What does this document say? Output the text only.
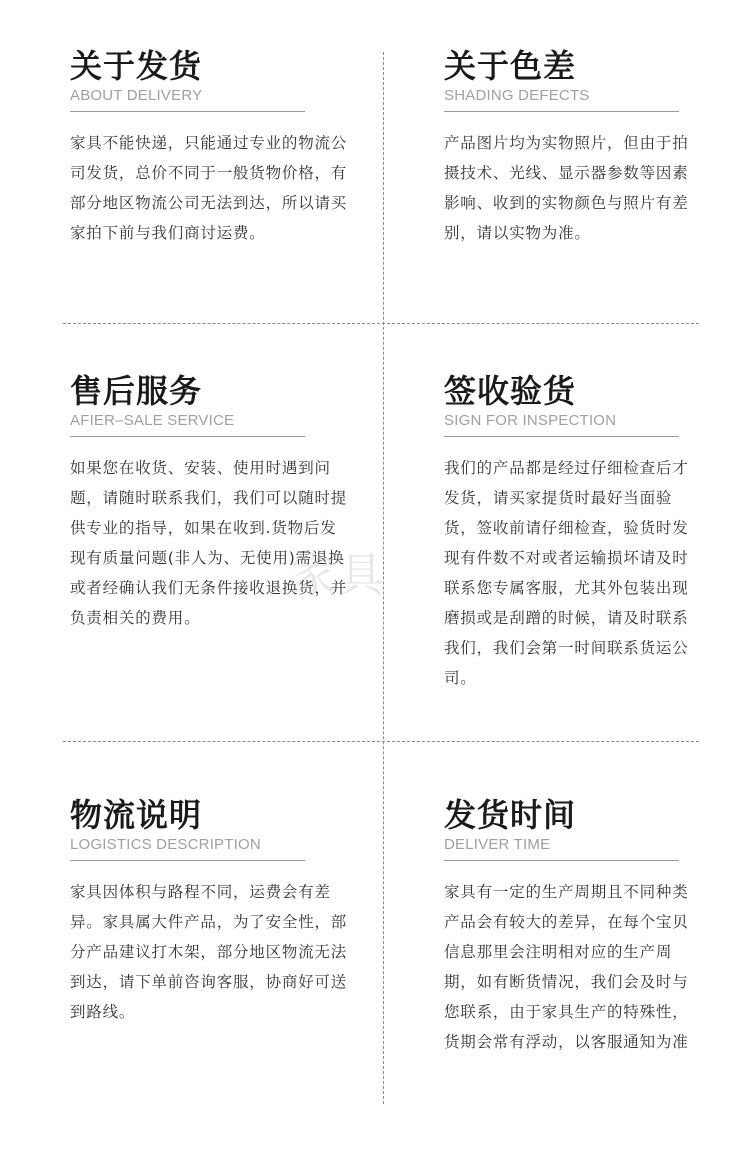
关于发货
ABOUT DELIVERY
家具不能快递，只能通过专业的物流公司发货，总价不同于一般货物价格，有部分地区物流公司无法到达，所以请买家拍下前与我们商讨运费。
关于色差
SHADING DEFECTS
产品图片均为实物照片，但由于拍摄技术、光线、显示器参数等因素影响、收到的实物颜色与照片有差别，请以实物为准。
售后服务
AFIER–SALE SERVICE
如果您在收货、安装、使用时遇到问题，请随时联系我们，我们可以随时提供专业的指导，如果在收到.货物后发现有质量问题(非人为、无使用)需退换或者经确认我们无条件接收退换货，并负责相关的费用。
签收验货
SIGN FOR INSPECTION
我们的产品都是经过仔细检查后才发货，请买家提货时最好当面验货，签收前请仔细检查，验货时发现有件数不对或者运输损坏请及时联系您专属客服，尤其外包装出现磨损或是刮蹭的时候，请及时联系我们，我们会第一时间联系货运公司。
物流说明
LOGISTICS DESCRIPTION
家具因体积与路程不同，运费会有差异。家具属大件产品，为了安全性，部分产品建议打木架，部分地区物流无法到达，请下单前咨询客服，协商好可送到路线。
发货时间
DELIVER TIME
家具有一定的生产周期且不同种类产品会有较大的差异，在每个宝贝信息那里会注明相对应的生产周期，如有断货情况，我们会及时与您联系，由于家具生产的特殊性，货期会常有浮动，以客服通知为准
家具
